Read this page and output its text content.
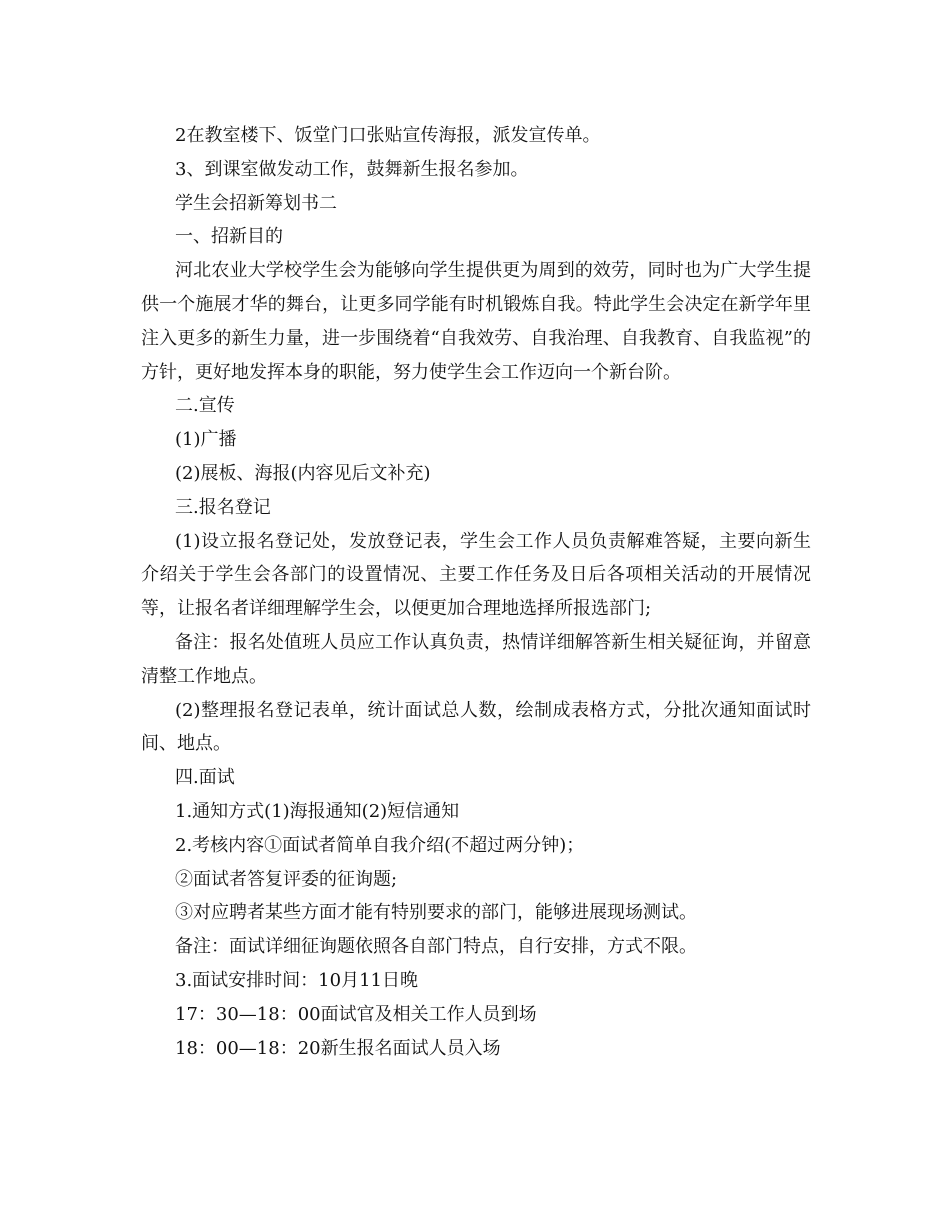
2在教室楼下、饭堂门口张贴宣传海报，派发宣传单。

3、到课室做发动工作，鼓舞新生报名参加。

学生会招新筹划书二

一、招新目的

河北农业大学校学生会为能够向学生提供更为周到的效劳，同时也为广大学生提供一个施展才华的舞台，让更多同学能有时机锻炼自我。特此学生会决定在新学年里注入更多的新生力量，进一步围绕着“自我效劳、自我治理、自我教育、自我监视”的方针，更好地发挥本身的职能，努力使学生会工作迈向一个新台阶。

二.宣传

(1)广播

(2)展板、海报(内容见后文补充)

三.报名登记

(1)设立报名登记处，发放登记表，学生会工作人员负责解难答疑，主要向新生介绍关于学生会各部门的设置情况、主要工作任务及日后各项相关活动的开展情况等，让报名者详细理解学生会，以便更加合理地选择所报选部门;

备注：报名处值班人员应工作认真负责，热情详细解答新生相关疑征询，并留意清整工作地点。

(2)整理报名登记表单，统计面试总人数，绘制成表格方式，分批次通知面试时间、地点。

四.面试

1.通知方式(1)海报通知(2)短信通知

2.考核内容①面试者简单自我介绍(不超过两分钟)；

②面试者答复评委的征询题;

③对应聘者某些方面才能有特别要求的部门，能够进展现场测试。

备注：面试详细征询题依照各自部门特点，自行安排，方式不限。

3.面试安排时间：10月11日晚

17：30—18：00面试官及相关工作人员到场

18：00—18：20新生报名面试人员入场
